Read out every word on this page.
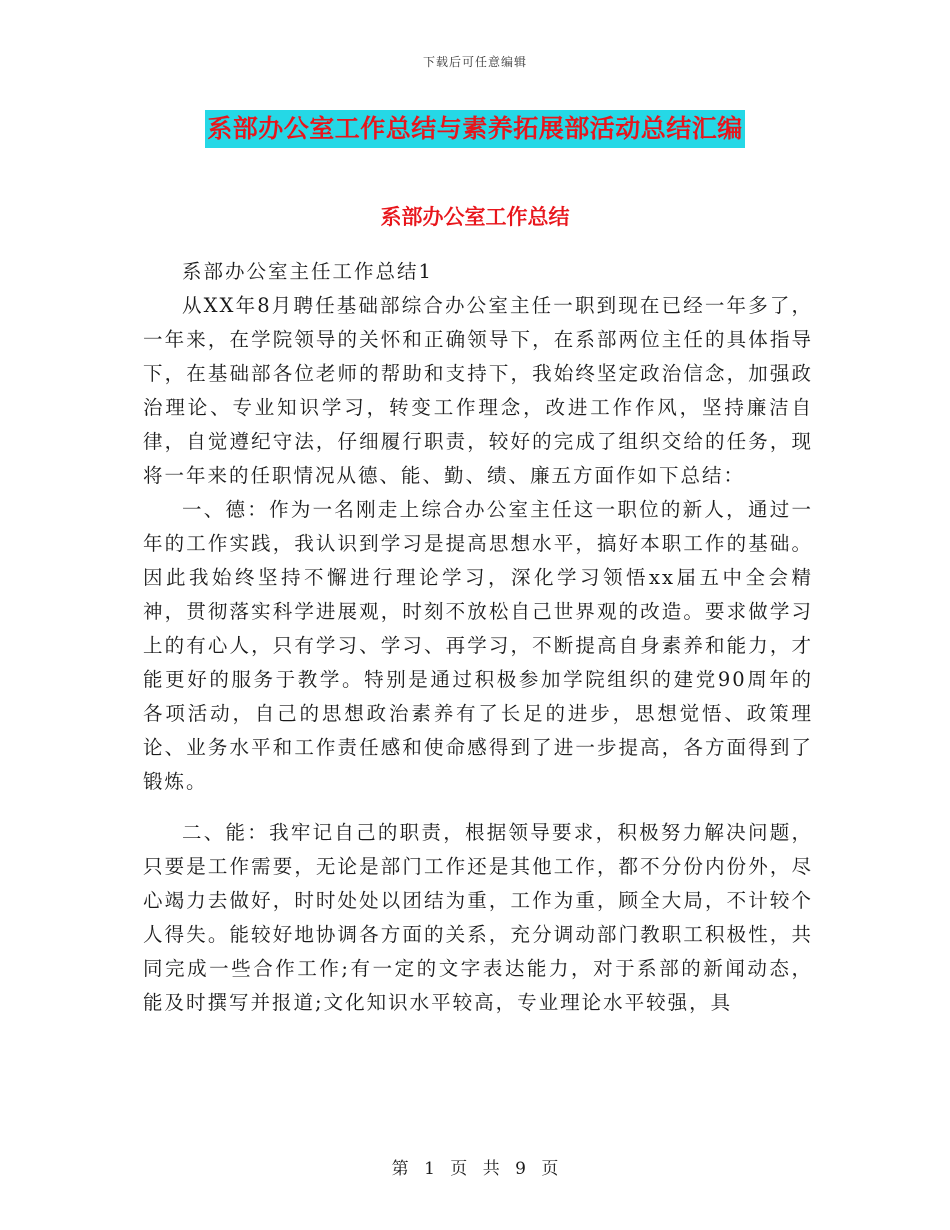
下载后可任意编辑
系部办公室工作总结与素养拓展部活动总结汇编
系部办公室工作总结

系部办公室主任工作总结1

从XX年8月聘任基础部综合办公室主任一职到现在已经一年多了，一年来，在学院领导的关怀和正确领导下，在系部两位主任的具体指导下，在基础部各位老师的帮助和支持下，我始终坚定政治信念，加强政治理论、专业知识学习，转变工作理念，改进工作作风，坚持廉洁自律，自觉遵纪守法，仔细履行职责，较好的完成了组织交给的任务，现将一年来的任职情况从德、能、勤、绩、廉五方面作如下总结：

一、德：作为一名刚走上综合办公室主任这一职位的新人，通过一年的工作实践，我认识到学习是提高思想水平，搞好本职工作的基础。因此我始终坚持不懈进行理论学习，深化学习领悟xx届五中全会精神，贯彻落实科学进展观，时刻不放松自己世界观的改造。要求做学习上的有心人，只有学习、学习、再学习，不断提高自身素养和能力，才能更好的服务于教学。特别是通过积极参加学院组织的建党90周年的各项活动，自己的思想政治素养有了长足的进步，思想觉悟、政策理论、业务水平和工作责任感和使命感得到了进一步提高，各方面得到了锻炼。

二、能：我牢记自己的职责，根据领导要求，积极努力解决问题，只要是工作需要，无论是部门工作还是其他工作，都不分份内份外，尽心竭力去做好，时时处处以团结为重，工作为重，顾全大局，不计较个人得失。能较好地协调各方面的关系，充分调动部门教职工积极性，共同完成一些合作工作;有一定的文字表达能力，对于系部的新闻动态，能及时撰写并报道;文化知识水平较高，专业理论水平较强，具

第 1 页 共 9 页
